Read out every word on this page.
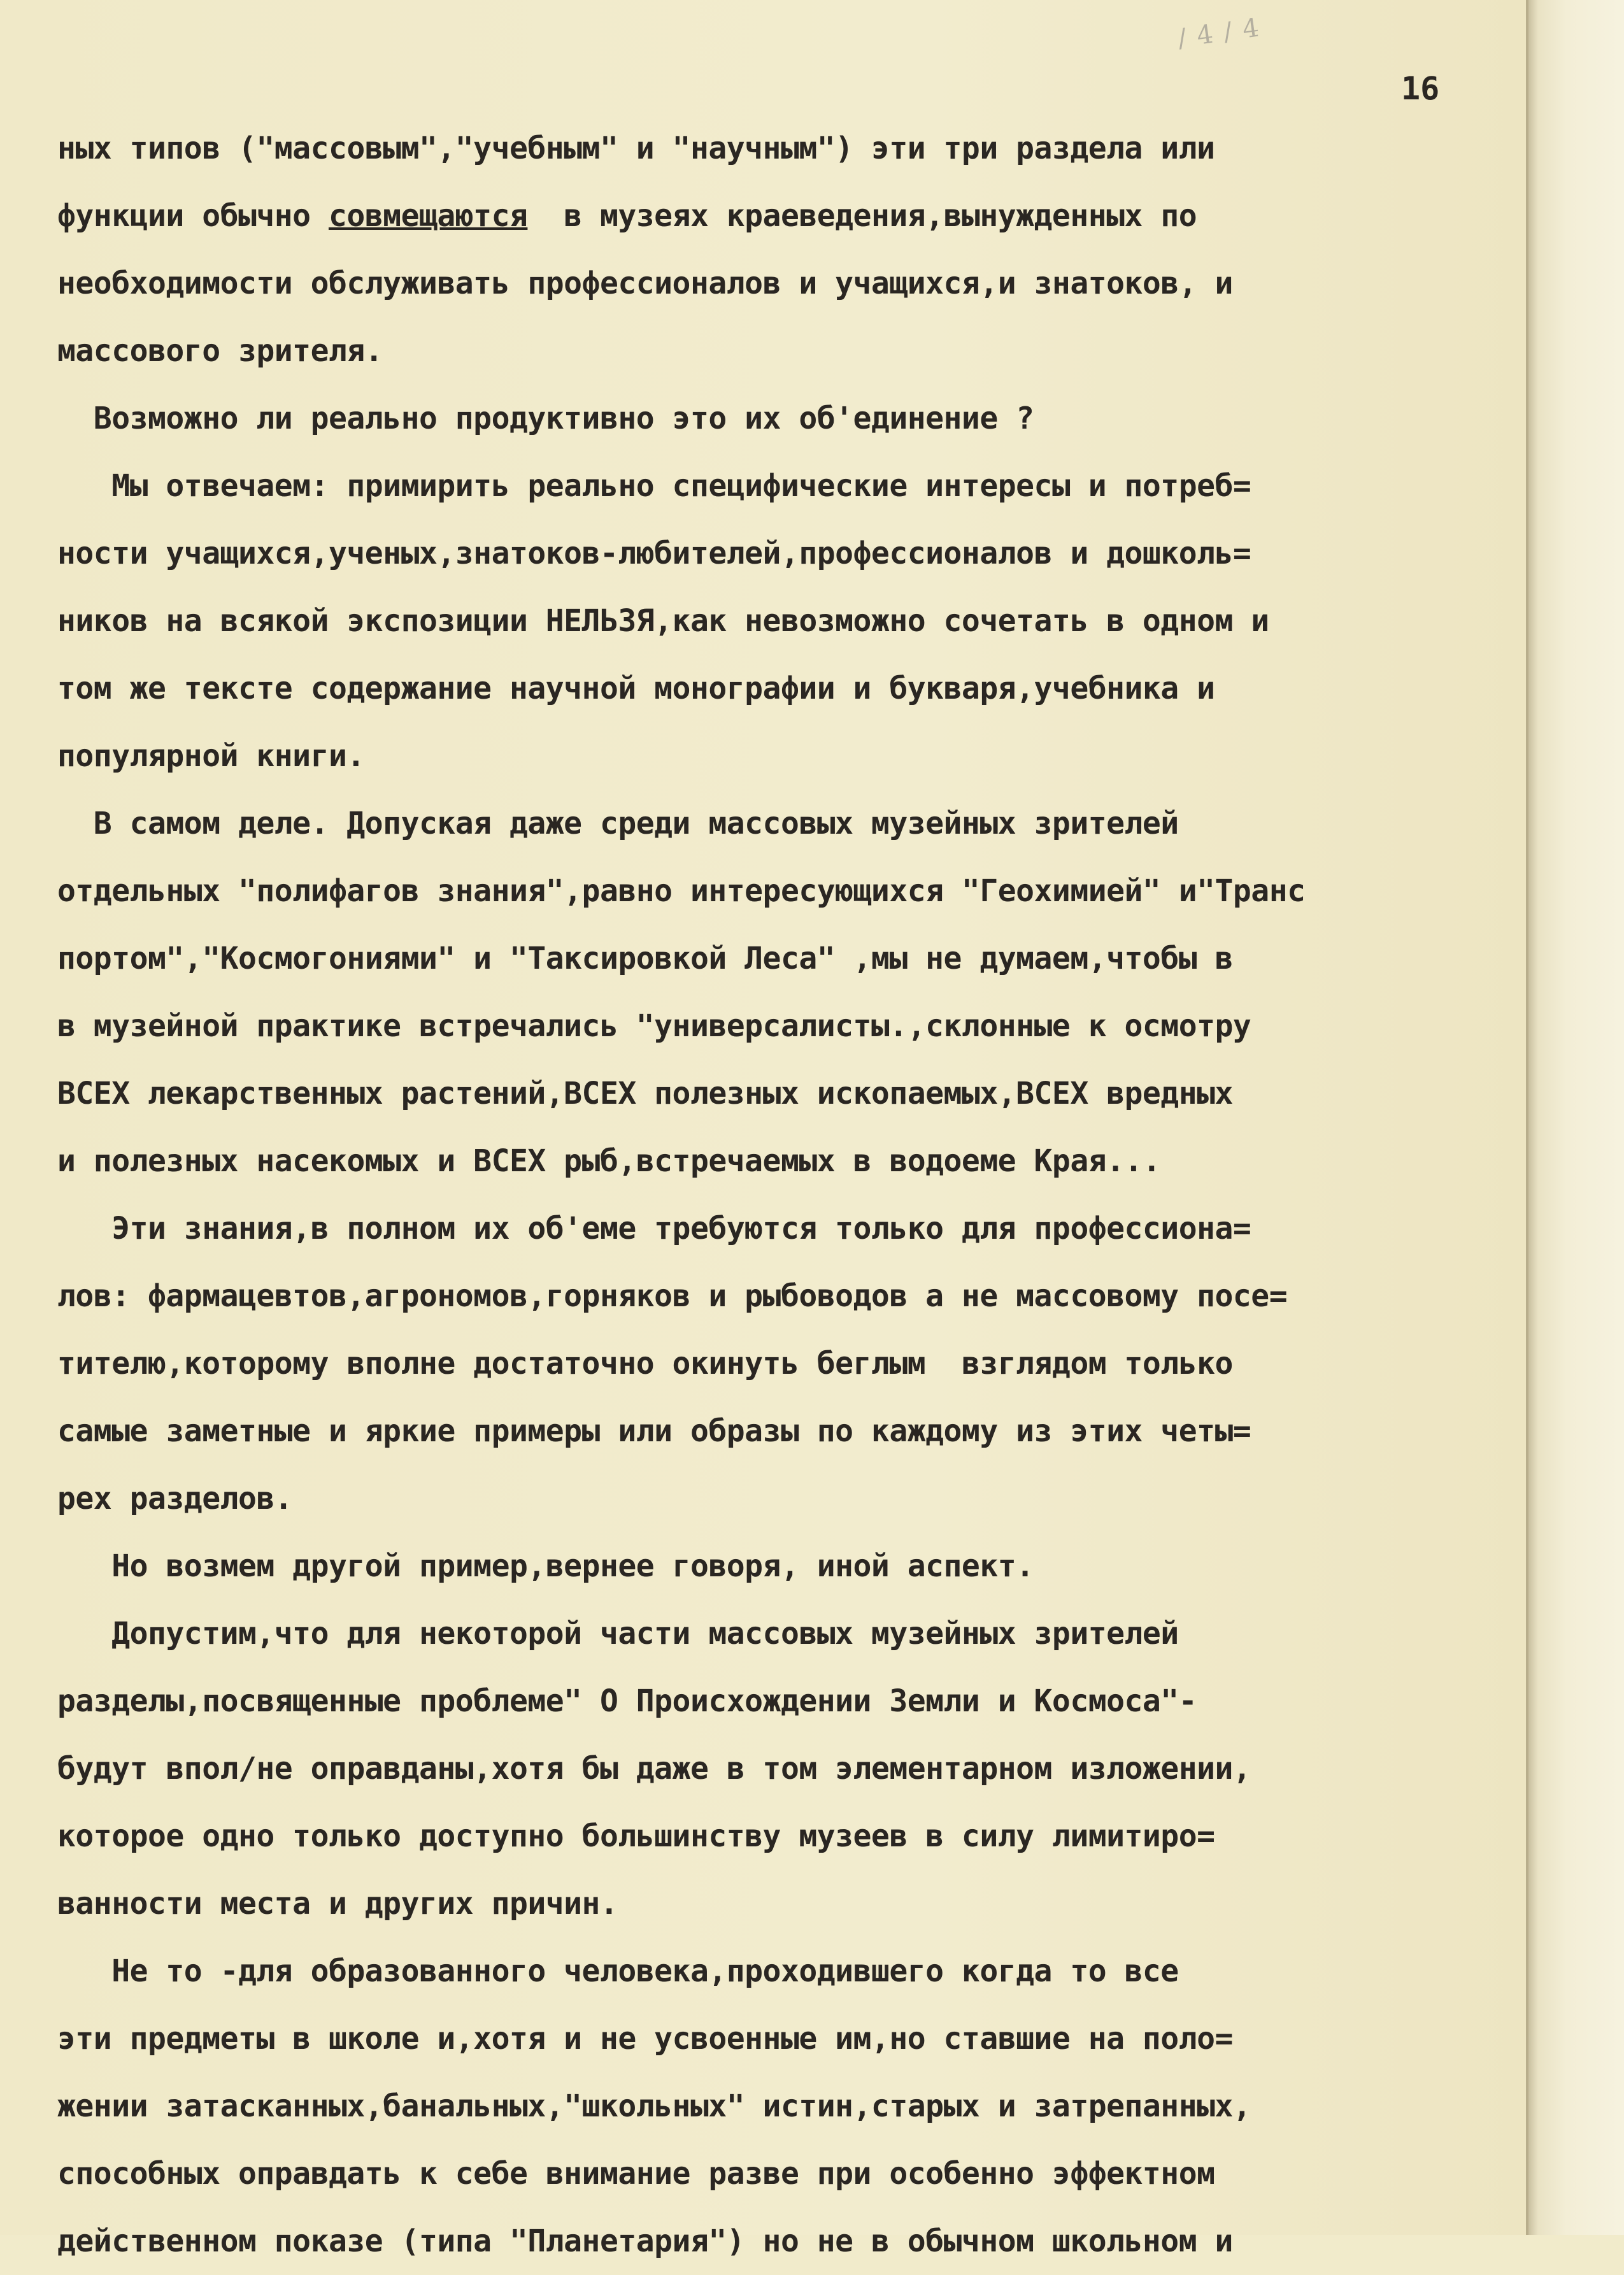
/ 4 / 4
16
ных типов ("массовым","учебным" и "научным") эти три раздела или
функции обычно совмещаются  в музеях краеведения,вынужденных по
необходимости обслуживать профессионалов и учащихся,и знатоков, и
массового зрителя.
Возможно ли реально продуктивно это их об'единение ?
Мы отвечаем: примирить реально специфические интересы и потреб=
ности учащихся,ученых,знатоков-любителей,профессионалов и дошколь=
ников на всякой экспозиции НЕЛЬЗЯ,как невозможно сочетать в одном и
том же тексте содержание научной монографии и букваря,учебника и
популярной книги.
В самом деле. Допуская даже среди массовых музейных зрителей
отдельных "полифагов знания",равно интересующихся "Геохимией" и"Транс
портом","Космогониями" и "Таксировкой Леса" ,мы не думаем,чтобы в
в музейной практике встречались "универсалисты.,склонные к осмотру
ВСЕХ лекарственных растений,ВСЕХ полезных ископаемых,ВСЕХ вредных
и полезных насекомых и ВСЕХ рыб,встречаемых в водоеме Края...
Эти знания,в полном их об'еме требуются только для профессиона=
лов: фармацевтов,агрономов,горняков и рыбоводов а не массовому посе=
тителю,которому вполне достаточно окинуть беглым  взглядом только
самые заметные и яркие примеры или образы по каждому из этих четы=
рех разделов.
Но возмем другой пример,вернее говоря, иной аспект.
Допустим,что для некоторой части массовых музейных зрителей
разделы,посвященные проблеме" О Происхождении Земли и Космоса"-
будут впол/не оправданы,хотя бы даже в том элементарном изложении,
которое одно только доступно большинству музеев в силу лимитиро=
ванности места и других причин.
Не то -для образованного человека,проходившего когда то все
эти предметы в школе и,хотя и не усвоенные им,но ставшие на поло=
жении затасканных,банальных,"школьных" истин,старых и затрепанных,
способных оправдать к себе внимание разве при особенно эффектном
действенном показе (типа "Планетария") но не в обычном школьном и
